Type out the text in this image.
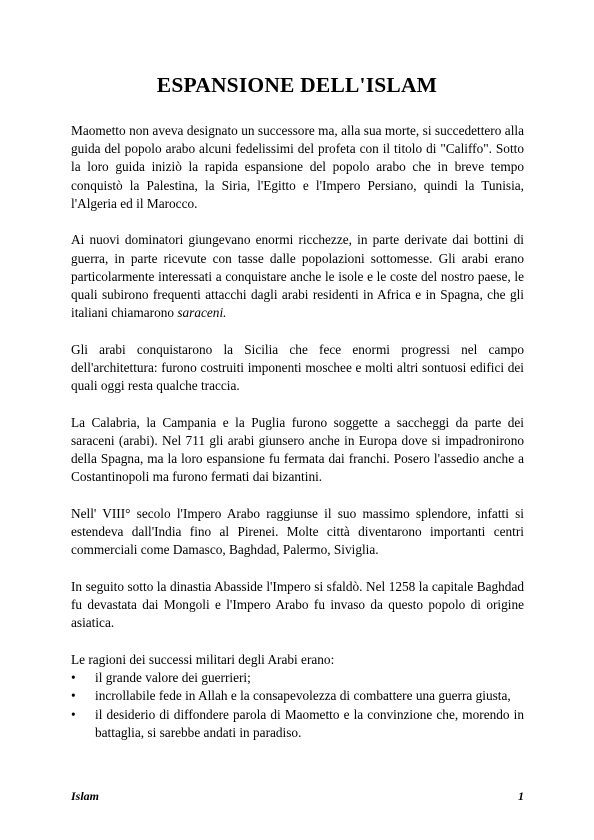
ESPANSIONE DELL'ISLAM

Maometto non aveva designato un successore ma, alla sua morte, si succedettero alla guida del popolo arabo alcuni fedelissimi del profeta con il titolo di "Califfo". Sotto la loro guida iniziò la rapida espansione del popolo arabo che in breve tempo conquistò la Palestina, la Siria, l'Egitto e l'Impero Persiano, quindi la Tunisia, l'Algeria ed il Marocco.

Ai nuovi dominatori giungevano enormi ricchezze, in parte derivate dai bottini di guerra, in parte ricevute con tasse dalle popolazioni sottomesse. Gli arabi erano particolarmente interessati a conquistare anche le isole e le coste del nostro paese, le quali subirono frequenti attacchi dagli arabi residenti in Africa e in Spagna, che gli italiani chiamarono saraceni.

Gli arabi conquistarono la Sicilia che fece enormi progressi nel campo dell'architettura: furono costruiti imponenti moschee e molti altri sontuosi edifici dei quali oggi resta qualche traccia.

La Calabria, la Campania e la Puglia furono soggette a saccheggi da parte dei saraceni (arabi). Nel 711 gli arabi giunsero anche in Europa dove si impadronirono della Spagna, ma la loro espansione fu fermata dai franchi. Posero l'assedio anche a Costantinopoli ma furono fermati dai bizantini.

Nell' VIII° secolo l'Impero Arabo raggiunse il suo massimo splendore, infatti si estendeva dall'India fino al Pirenei. Molte città diventarono importanti centri commerciali come Damasco, Baghdad, Palermo, Siviglia.

In seguito sotto la dinastia Abasside l'Impero si sfaldò. Nel 1258 la capitale Baghdad fu devastata dai Mongoli e l'Impero Arabo fu invaso da questo popolo di origine asiatica.

Le ragioni dei successi militari degli Arabi erano:

• il grande valore dei guerrieri;
• incrollabile fede in Allah e la consapevolezza di combattere una guerra giusta,
• il desiderio di diffondere parola di Maometto e la convinzione che, morendo in battaglia, si sarebbe andati in paradiso.
Islam	1
